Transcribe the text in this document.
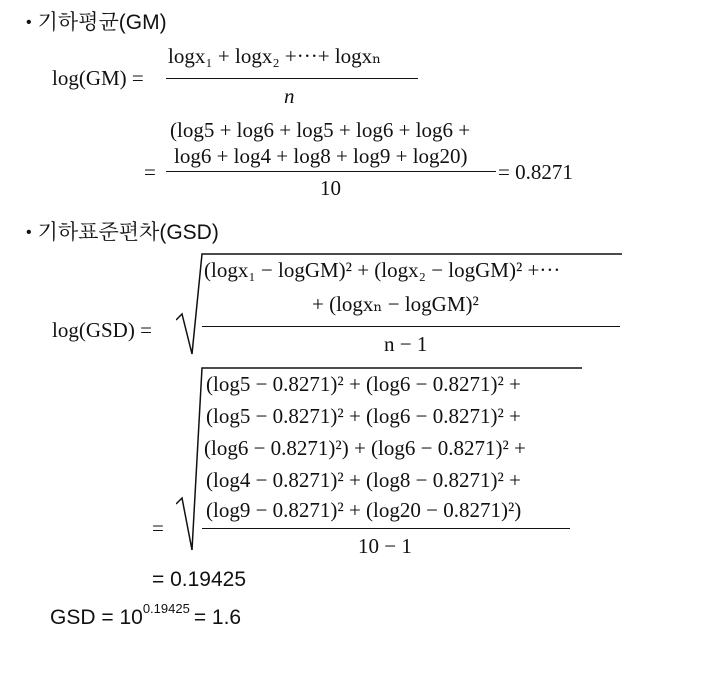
• 기하평균(GM)
log(GM) =
logx₁ + logx₂ +···+ logxₙ
n
(log5 + log6 + log5 + log6 + log6 +
log6 + log4 + log8 + log9 + log20)
=
10
= 0.8271
• 기하표준편차(GSD)
log(GSD) =
(logx₁ − logGM)² + (logx₂ − logGM)² +···
+ (logxₙ − logGM)²
n − 1
(log5 − 0.8271)² + (log6 − 0.8271)² +
(log5 − 0.8271)² + (log6 − 0.8271)² +
(log6 − 0.8271)²) + (log6 − 0.8271)² +
(log4 − 0.8271)² + (log8 − 0.8271)² +
(log9 − 0.8271)² + (log20 − 0.8271)²)
=
10 − 1
= 0.19425
GSD = $10^{0.19425} = 1.6$
